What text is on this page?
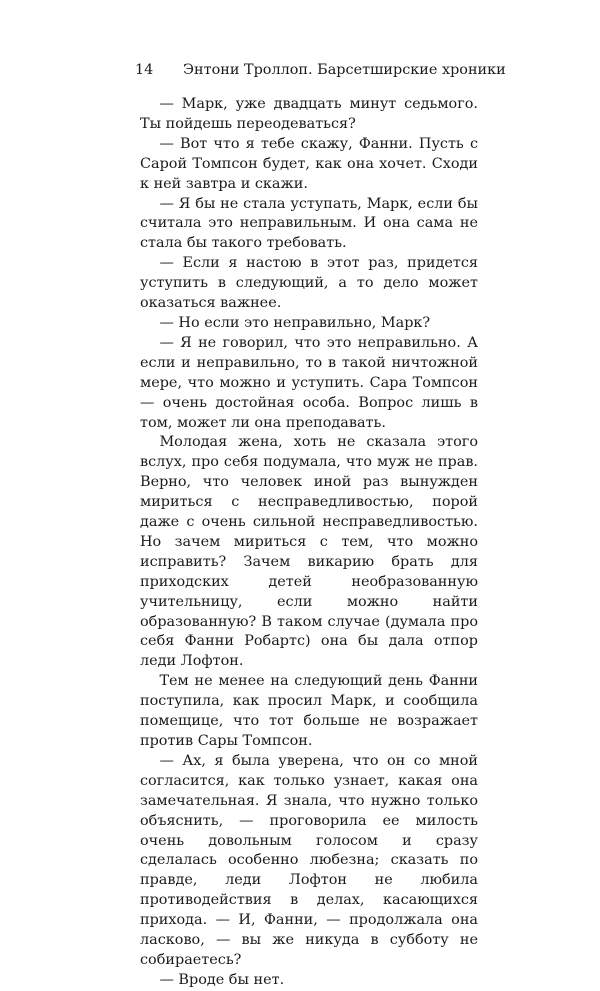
14 Энтони Троллоп. Барсетширские хроники

— Марк, уже двадцать минут седьмого. Ты пойдешь переодеваться?

— Вот что я тебе скажу, Фанни. Пусть с Сарой Томпсон будет, как она хочет. Сходи к ней завтра и скажи.

— Я бы не стала уступать, Марк, если бы считала это неправильным. И она сама не стала бы такого требовать.

— Если я настою в этот раз, придется уступить в следующий, а то дело может оказаться важнее.

— Но если это неправильно, Марк?

— Я не говорил, что это неправильно. А если и неправильно, то в такой ничтожной мере, что можно и уступить. Сара Томпсон — очень достойная особа. Вопрос лишь в том, может ли она преподавать.

Молодая жена, хоть не сказала этого вслух, про себя подумала, что муж не прав. Верно, что человек иной раз вынужден мириться с несправедливостью, порой даже с очень сильной несправедливостью. Но зачем мириться с тем, что можно исправить? Зачем викарию брать для приходских детей необразованную учительницу, если можно найти образованную? В таком случае (думала про себя Фанни Робартс) она бы дала отпор леди Лофтон.

Тем не менее на следующий день Фанни поступила, как просил Марк, и сообщила помещице, что тот больше не возражает против Сары Томпсон.

— Ах, я была уверена, что он со мной согласится, как только узнает, какая она замечательная. Я знала, что нужно только объяснить, — проговорила ее милость очень довольным голосом и сразу сделалась особенно любезна; сказать по правде, леди Лофтон не любила противодействия в делах, касающихся прихода. — И, Фанни, — продолжала она ласково, — вы же никуда в субботу не собираетесь?

— Вроде бы нет.
